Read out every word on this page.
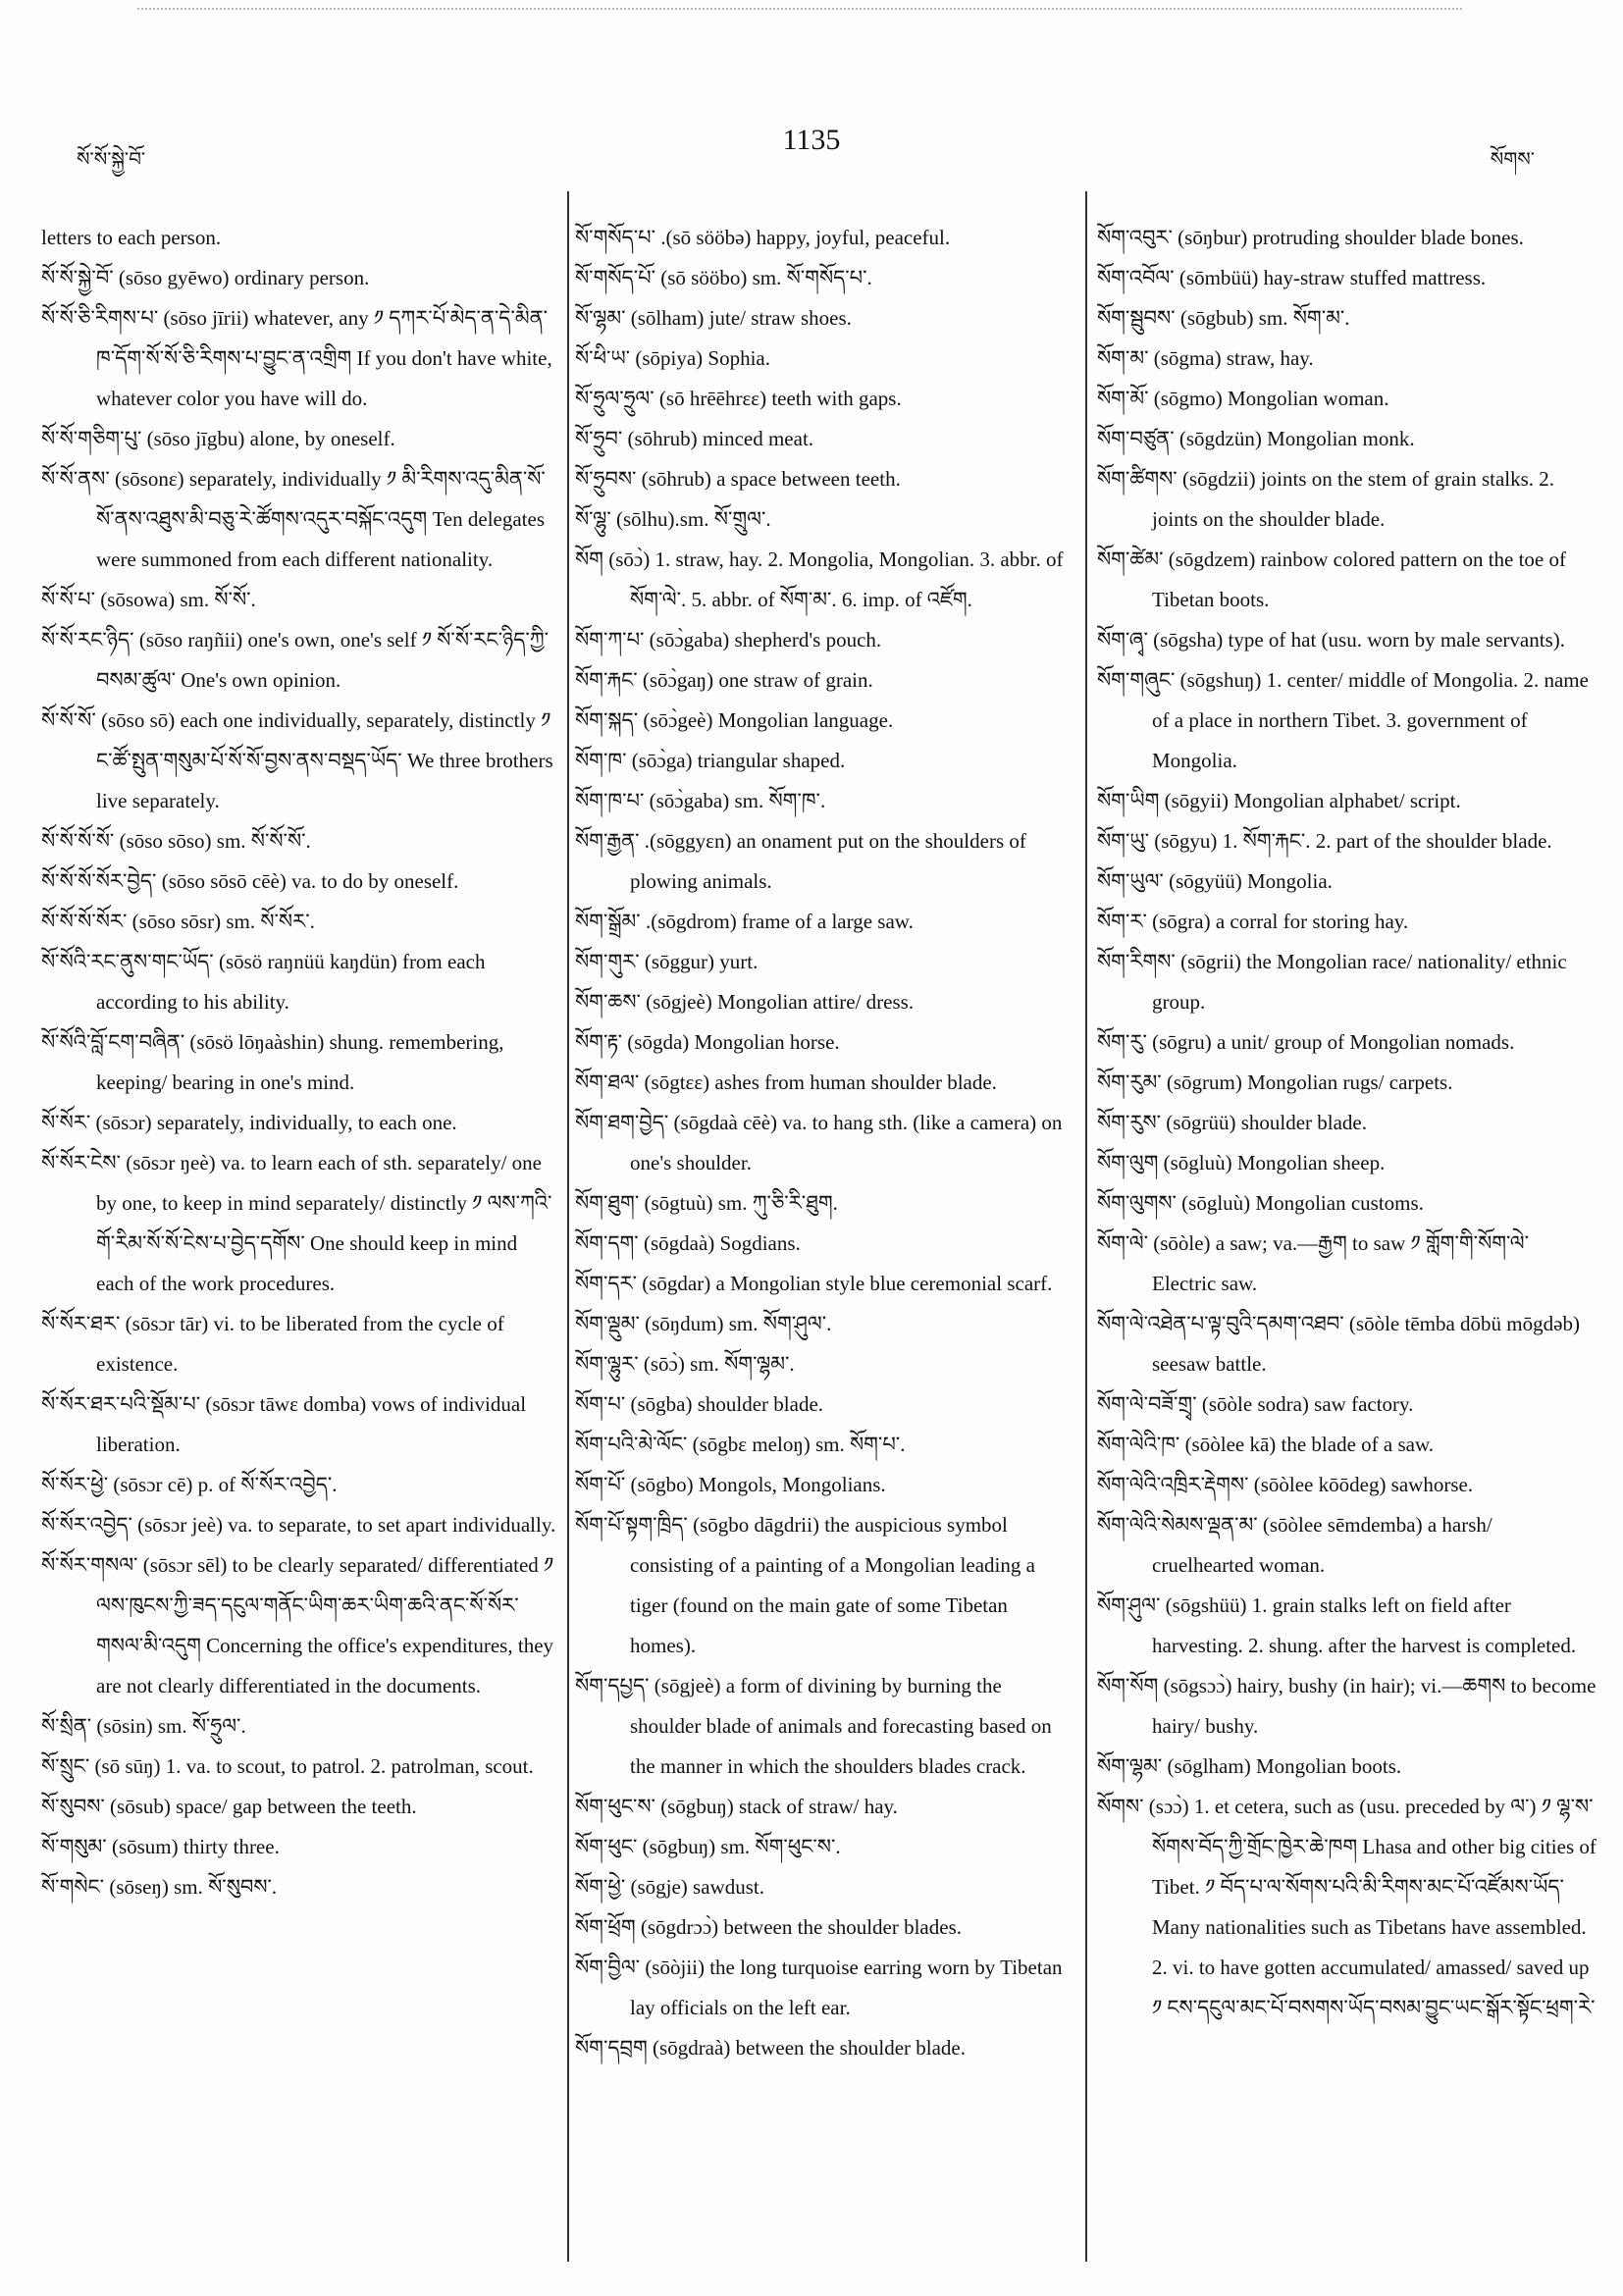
སོ་སོ་སྐྱེ་བོ་
1135
སོགས་

letters to each person.

སོ་སོ་སྐྱེ་བོ་ (sōso gyēwo) ordinary person.

སོ་སོ་ཅི་རིགས་པ་ (sōso jīrii) whatever, any ༡ དཀར་པོ་མེད་ན་དེ་མིན་ཁ་དོག་སོ་སོ་ཅི་རིགས་པ་བྱུང་ན་འགྲིག If you don't have white, whatever color you have will do.

སོ་སོ་གཅིག་པུ་ (sōso jīgbu) alone, by oneself.

སོ་སོ་ནས་ (sōsonε) separately, individually ༡ མི་རིགས་འདུ་མིན་སོ་སོ་ནས་འཐུས་མི་བཅུ་རེ་ཚོགས་འདུར་བསྐོང་འདུག Ten delegates were summoned from each different nationality.

སོ་སོ་པ་ (sōsowa) sm. སོ་སོ་.

སོ་སོ་རང་ཉིད་ (sōso raŋñii) one's own, one's self ༡ སོ་སོ་རང་ཉིད་ཀྱི་བསམ་ཚུལ་ One's own opinion.

སོ་སོ་སོ་ (sōso sō) each one individually, separately, distinctly ༡ ང་ཚོ་སྤུན་གསུམ་པོ་སོ་སོ་བྱས་ནས་བསྡད་ཡོད་ We three brothers live separately.

སོ་སོ་སོ་སོ་ (sōso sōso) sm. སོ་སོ་སོ་.

སོ་སོ་སོ་སོར་བྱེད་ (sōso sōsō cēè) va. to do by oneself.

སོ་སོ་སོ་སོར་ (sōso sōsr) sm. སོ་སོར་.

སོ་སོའི་རང་ནུས་གང་ཡོད་ (sōsö raŋnüü kaŋdün) from each according to his ability.

སོ་སོའི་བློ་ངག་བཞིན་ (sōsö lōŋaàshin) shung. remembering, keeping/ bearing in one's mind.

སོ་སོར་ (sōsɔr) separately, individually, to each one.

སོ་སོར་ངེས་ (sōsɔr ŋeè) va. to learn each of sth. separately/ one by one, to keep in mind separately/ distinctly ༡ ལས་ཀའི་གོ་རིམ་སོ་སོ་ངེས་པ་བྱེད་དགོས་ One should keep in mind each of the work procedures.

སོ་སོར་ཐར་ (sōsɔr tār) vi. to be liberated from the cycle of existence.

སོ་སོར་ཐར་པའི་སྡོམ་པ་ (sōsɔr tāwε domba) vows of individual liberation.

སོ་སོར་ཕྱེ་ (sōsɔr cē) p. of སོ་སོར་འབྱེད་.

སོ་སོར་འབྱེད་ (sōsɔr jeè) va. to separate, to set apart individually.

སོ་སོར་གསལ་ (sōsɔr sēl) to be clearly separated/ differentiated ༡ ལས་ཁུངས་ཀྱི་ཟད་དངུལ་གནོང་ཡིག་ཆར་ཡིག་ཆའི་ནང་སོ་སོར་གསལ་མི་འདུག Concerning the office's expenditures, they are not clearly differentiated in the documents.

སོ་སྲིན་ (sōsin) sm. སོ་ཧྲུལ་.

སོ་སྲུང་ (sō sūŋ) 1. va. to scout, to patrol. 2. patrolman, scout.

སོ་སུབས་ (sōsub) space/ gap between the teeth.

སོ་གསུམ་ (sōsum) thirty three.

སོ་གསེང་ (sōseŋ) sm. སོ་སུབས་.

སོ་གསོད་པ་ .(sō sööbə) happy, joyful, peaceful.

སོ་གསོད་པོ་ (sō sööbo) sm. སོ་གསོད་པ་.

སོ་ལྷམ་ (sōlham) jute/ straw shoes.

སོ་ཕི་ཡ་ (sōpiya) Sophia.

སོ་ཧྲུལ་ཧྲུལ་ (sō hrēēhrεε) teeth with gaps.

སོ་ཧྲུབ་ (sōhrub) minced meat.

སོ་ཧྲུབས་ (sōhrub) a space between teeth.

སོ་ལྷུ་ (sōlhu).sm. སོ་གྲུལ་.

སོག (sōɔ̀) 1. straw, hay. 2. Mongolia, Mongolian. 3. abbr. of སོག་ལེ་. 5. abbr. of སོག་མ་. 6. imp. of འཛོག.

སོག་ཀ་པ་ (sōɔ̀gaba) shepherd's pouch.

སོག་རྐང་ (sōɔ̀gaŋ) one straw of grain.

སོག་སྐད་ (sōɔ̀geè) Mongolian language.

སོག་ཁ་ (sōɔ̀ga) triangular shaped.

སོག་ཁ་པ་ (sōɔ̀gaba) sm. སོག་ཁ་.

སོག་རྒྱན་ .(sōggyεn) an onament put on the shoulders of plowing animals.

སོག་སྒྲོམ་ .(sōgdrom) frame of a large saw.

སོག་གུར་ (sōggur) yurt.

སོག་ཆས་ (sōgjeè) Mongolian attire/ dress.

སོག་རྟ་ (sōgda) Mongolian horse.

སོག་ཐལ་ (sōgtεε) ashes from human shoulder blade.

སོག་ཐག་བྱེད་ (sōgdaà cēè) va. to hang sth. (like a camera) on one's shoulder.

སོག་ཐུག་ (sōgtuù) sm. ཀུ་ཅི་རི་ཐུག.

སོག་དག་ (sōgdaà) Sogdians.

སོག་དར་ (sōgdar) a Mongolian style blue ceremonial scarf.

སོག་ལྡུམ་ (sōŋdum) sm. སོག་ཤུལ་.

སོག་ལྷུར་ (sōɔ̀) sm. སོག་ལྷམ་.

སོག་པ་ (sōgba) shoulder blade.

སོག་པའི་མེ་ལོང་ (sōgbε meloŋ) sm. སོག་པ་.

སོག་པོ་ (sōgbo) Mongols, Mongolians.

སོག་པོ་སྟག་ཁྲིད་ (sōgbo dāgdrii) the auspicious symbol consisting of a painting of a Mongolian leading a tiger (found on the main gate of some Tibetan homes).

སོག་དཔྱད་ (sōgjeè) a form of divining by burning the shoulder blade of animals and forecasting based on the manner in which the shoulders blades crack.

སོག་ཕུང་ས་ (sōgbuŋ) stack of straw/ hay.

སོག་ཕུང་ (sōgbuŋ) sm. སོག་ཕུང་ས་.

སོག་ཕྱེ་ (sōgje) sawdust.

སོག་ཕྲོག (sōgdrɔɔ̀) between the shoulder blades.

སོག་བྱིལ་ (sōòjii) the long turquoise earring worn by Tibetan lay officials on the left ear.

སོག་དབྲག (sōgdraà) between the shoulder blade.

སོག་འབུར་ (sōŋbur) protruding shoulder blade bones.

སོག་འབོལ་ (sōmbüü) hay-straw stuffed mattress.

སོག་སྦུབས་ (sōgbub) sm. སོག་མ་.

སོག་མ་ (sōgma) straw, hay.

སོག་མོ་ (sōgmo) Mongolian woman.

སོག་བཙུན་ (sōgdzün) Mongolian monk.

སོག་ཚིགས་ (sōgdzii) joints on the stem of grain stalks. 2. joints on the shoulder blade.

སོག་ཚེམ་ (sōgdzem) rainbow colored pattern on the toe of Tibetan boots.

སོག་ཞྭ་ (sōgsha) type of hat (usu. worn by male servants).

སོག་གཞུང་ (sōgshuŋ) 1. center/ middle of Mongolia. 2. name of a place in northern Tibet. 3. government of Mongolia.

སོག་ཡིག (sōgyii) Mongolian alphabet/ script.

སོག་ཡུ་ (sōgyu) 1. སོག་རྐང་. 2. part of the shoulder blade.

སོག་ཡུལ་ (sōgyüü) Mongolia.

སོག་ར་ (sōgra) a corral for storing hay.

སོག་རིགས་ (sōgrii) the Mongolian race/ nationality/ ethnic group.

སོག་རུ་ (sōgru) a unit/ group of Mongolian nomads.

སོག་རུམ་ (sōgrum) Mongolian rugs/ carpets.

སོག་རུས་ (sōgrüü) shoulder blade.

སོག་ལུག (sōgluù) Mongolian sheep.

སོག་ལུགས་ (sōgluù) Mongolian customs.

སོག་ལེ་ (sōòle) a saw; va.—རྒྱག to saw ༡ གློག་གི་སོག་ལེ་ Electric saw.

སོག་ལེ་འཐེན་པ་ལྟ་བུའི་དམག་འཐབ་ (sōòle tēmba dōbü mōgdəb) seesaw battle.

སོག་ལེ་བཟོ་གྲྭ་ (sōòle sodra) saw factory.

སོག་ལེའི་ཁ་ (sōòlee kā) the blade of a saw.

སོག་ལེའི་འཁྲིར་རྡེགས་ (sōòlee kōōdeg) sawhorse.

སོག་ལེའི་སེམས་ལྡན་མ་ (sōòlee sēmdemba) a harsh/ cruelhearted woman.

སོག་ཤུལ་ (sōgshüü) 1. grain stalks left on field after harvesting. 2. shung. after the harvest is completed.

སོག་སོག (sōgsɔɔ̀) hairy, bushy (in hair); vi.—ཆགས to become hairy/ bushy.

སོག་ལྷམ་ (sōglham) Mongolian boots.

སོགས་ (sɔɔ̀) 1. et cetera, such as (usu. preceded by ལ་) ༡ ལྷ་ས་སོགས་བོད་ཀྱི་གྲོང་ཁྱེར་ཆེ་ཁག Lhasa and other big cities of Tibet. ༡ བོད་པ་ལ་སོགས་པའི་མི་རིགས་མང་པོ་འཛོམས་ཡོད་ Many nationalities such as Tibetans have assembled. 2. vi. to have gotten accumulated/ amassed/ saved up ༡ ངས་དངུལ་མང་པོ་བསགས་ཡོད་བསམ་བྱུང་ཡང་སྒོར་སྟོང་ཕྲག་རེ་
